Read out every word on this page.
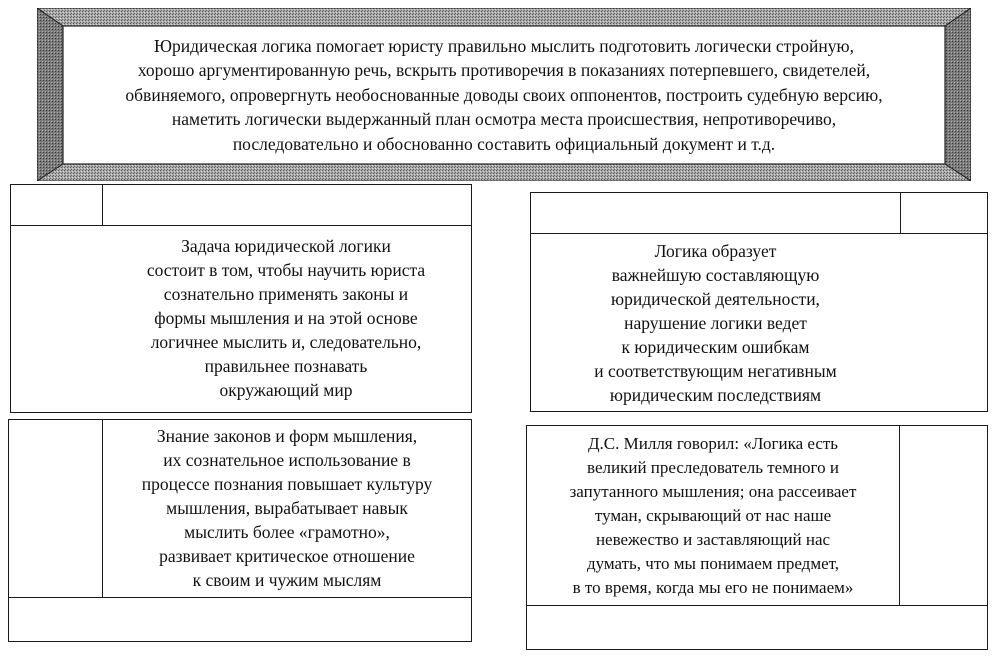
Юридическая логика помогает юристу правильно мыслить подготовить логически стройную,
хорошо аргументированную речь, вскрыть противоречия в показаниях потерпевшего, свидетелей,
обвиняемого, опровергнуть необоснованные доводы своих оппонентов, построить судебную версию,
наметить логически выдержанный план осмотра места происшествия, непротиворечиво,
последовательно и обоснованно составить официальный документ и т.д.
Задача юридической логики
состоит в том, чтобы научить юриста
сознательно применять законы и
формы мышления и на этой основе
логичнее мыслить и, следовательно,
правильнее познавать
окружающий мир
Логика образует
важнейшую составляющую
юридической деятельности,
нарушение логики ведет
к юридическим ошибкам
и соответствующим негативным
юридическим последствиям
Знание законов и форм мышления,
их сознательное использование в
процессе познания повышает культуру
мышления, вырабатывает навык
мыслить более «грамотно»,
развивает критическое отношение
к своим и чужим мыслям
Д.С. Милля говорил: «Логика есть
великий преследователь темного и
запутанного мышления; она рассеивает
туман, скрывающий от нас наше
невежество и заставляющий нас
думать, что мы понимаем предмет,
в то время, когда мы его не понимаем»
